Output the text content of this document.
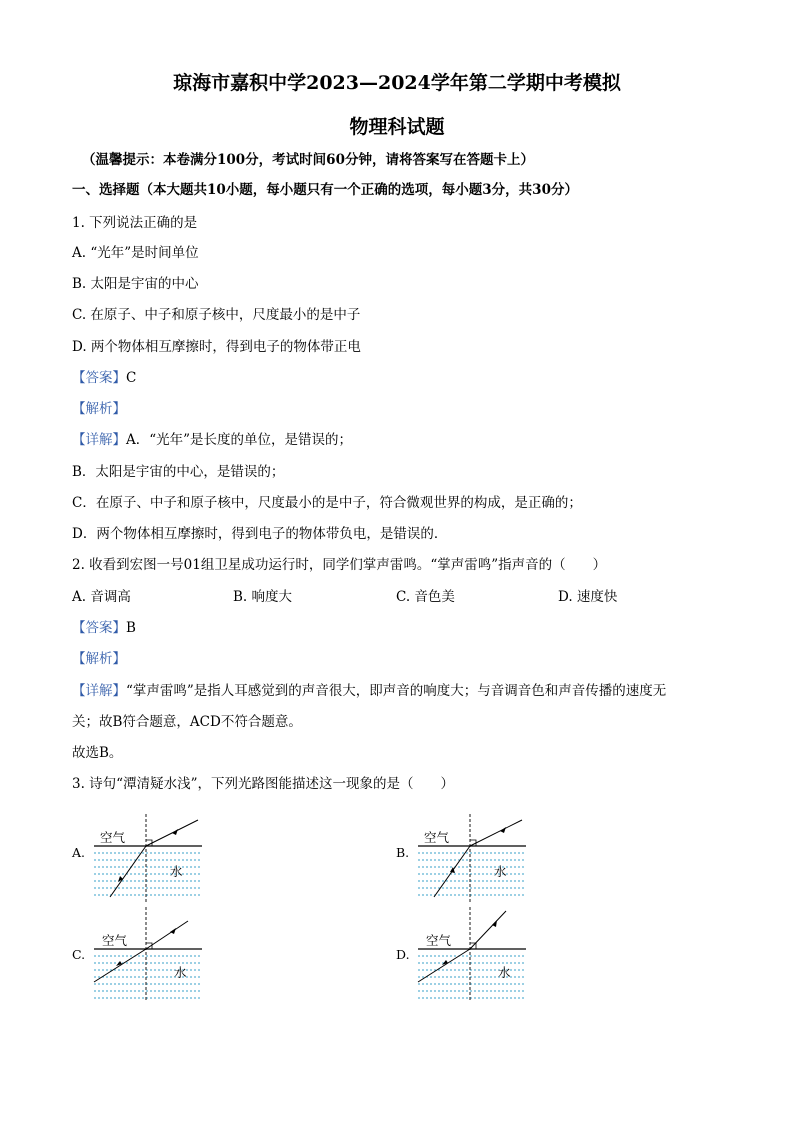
琼海市嘉积中学2023—2024学年第二学期中考模拟
物理科试题
（温馨提示：本卷满分100分，考试时间60分钟，请将答案写在答题卡上）
一、选择题（本大题共10小题，每小题只有一个正确的选项，每小题3分，共30分）
1. 下列说法正确的是
A. “光年”是时间单位
B. 太阳是宇宙的中心
C. 在原子、中子和原子核中，尺度最小的是中子
D. 两个物体相互摩擦时，得到电子的物体带正电
【答案】C
【解析】
【详解】A．“光年”是长度的单位，是错误的；
B．太阳是宇宙的中心，是错误的；
C．在原子、中子和原子核中，尺度最小的是中子，符合微观世界的构成，是正确的；
D．两个物体相互摩擦时，得到电子的物体带负电，是错误的．
2. 收看到宏图一号01组卫星成功运行时，同学们掌声雷鸣。“掌声雷鸣”指声音的（　　）
A. 音调高	B. 响度大	C. 音色美	D. 速度快
【答案】B
【解析】
【详解】“掌声雷鸣”是指人耳感觉到的声音很大，即声音的响度大；与音调音色和声音传播的速度无
关；故B符合题意，ACD不符合题意。
故选B。
3. 诗句“潭清疑水浅”，下列光路图能描述这一现象的是（　　）
A.
空气
水
B.
空气
水
C.
空气
水
D.
空气
水
